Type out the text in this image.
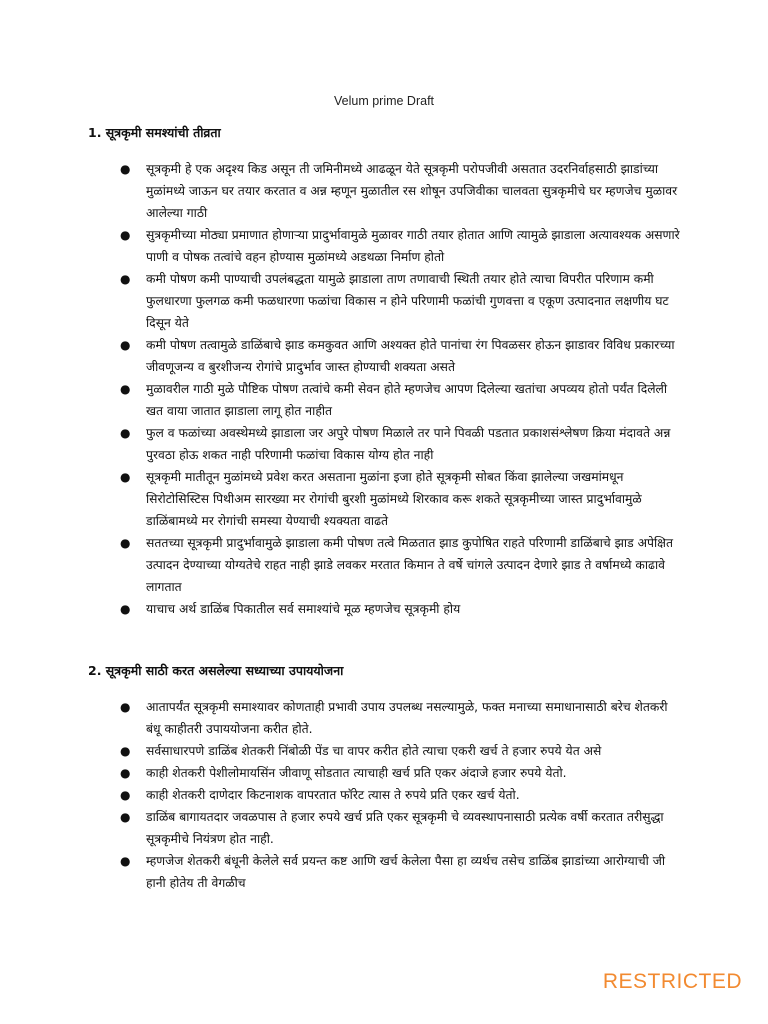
Velum prime Draft
1. सूत्रकृमी समश्यांची तीव्रता
● सूत्रकृमी हे एक अदृश्य किड असून ती जमिनीमध्ये आढळून येते सूत्रकृमी परोपजीवी असतात उदरनिर्वाहसाठी झाडांच्या मुळांमध्ये जाऊन घर तयार करतात व अन्न म्हणून मुळातील रस शोषून उपजिवीका चालवता सुत्रकृमीचे घर म्हणजेच मुळावर आलेल्या गाठी
● सुत्रकृमीच्या मोठ्या प्रमाणात होणाऱ्या प्रादुर्भावामुळे मुळावर गाठी तयार होतात आणि त्यामुळे झाडाला अत्यावश्यक असणारे पाणी व पोषक तत्वांचे वहन होण्यास मुळांमध्ये अडथळा निर्माण होतो
● कमी पोषण कमी पाण्याची उपलंबद्धता यामुळे झाडाला ताण तणावाची स्थिती तयार होते त्याचा विपरीत परिणाम कमी फुलधारणा फुलगळ कमी फळधारणा फळांचा विकास न होने परिणामी फळांची गुणवत्ता व एकूण उत्पादनात लक्षणीय घट दिसून येते
● कमी पोषण तत्वामुळे डाळिंबाचे झाड कमकुवत आणि अश्यक्त होते पानांचा रंग पिवळसर होऊन झाडावर विविध प्रकारच्या जीवणूजन्य व बुरशीजन्य रोगांचे प्रादुर्भाव जास्त होण्याची शक्यता असते
● मुळावरील गाठी मुळे पौष्टिक पोषण तत्वांचे कमी सेवन होते म्हणजेच आपण दिलेल्या खतांचा अपव्यय होतो पर्यंत दिलेली खत वाया जातात झाडाला लागू होत नाहीत
● फुल व फळांच्या अवस्थेमध्ये झाडाला जर अपुरे पोषण मिळाले तर पाने पिवळी पडतात प्रकाशसंश्लेषण क्रिया मंदावते अन्न पुरवठा होऊ शकत नाही परिणामी फळांचा विकास योग्य होत नाही
● सूत्रकृमी मातीतून मुळांमध्ये प्रवेश करत असताना मुळांना इजा होते सूत्रकृमी सोबत किंवा झालेल्या जखमांमधून सिरोटोसिस्टिस पिथीअम सारख्या मर रोगांची बुरशी मुळांमध्ये शिरकाव करू शकते सूत्रकृमीच्या जास्त प्रादुर्भावामुळे डाळिंबामध्ये मर रोगांची समस्या येण्याची श्यक्यता वाढते
● सततच्या सूत्रकृमी प्रादुर्भावामुळे झाडाला कमी पोषण तत्वे मिळतात झाड कुपोषित राहते परिणामी डाळिंबाचे झाड अपेक्षित उत्पादन देण्याच्या योग्यतेचे राहत नाही झाडे लवकर मरतात किमान ते वर्षे चांगले उत्पादन देणारे झाड ते वर्षामध्ये काढावे लागतात
● याचाच अर्थ डाळिंब पिकातील सर्व समाश्यांचे मूळ म्हणजेच सूत्रकृमी होय
2. सूत्रकृमी साठी करत असलेल्या सध्याच्या उपाययोजना
● आतापर्यंत सूत्रकृमी समाश्यावर कोणताही प्रभावी उपाय उपलब्ध नसल्यामुळे, फक्त मनाच्या समाधानासाठी बरेच शेतकरी बंधू काहीतरी उपाययोजना करीत होते.
● सर्वसाधारपणे डाळिंब शेतकरी निंबोळी पेंड चा वापर करीत होते त्याचा एकरी खर्च ते हजार रुपये येत असे
● काही शेतकरी पेशीलोमायसिंन जीवाणू सोडतात त्याचाही खर्च प्रति एकर अंदाजे हजार रुपये येतो.
● काही शेतकरी दाणेदार किटनाशक वापरतात फॉरेट त्यास ते रुपये प्रति एकर खर्च येतो.
● डाळिंब बागायतदार जवळपास ते हजार रुपये खर्च प्रति एकर सूत्रकृमी चे व्यवस्थापनासाठी प्रत्येक वर्षी करतात तरीसुद्धा सूत्रकृमीचे नियंत्रण होत नाही.
● म्हणजेज शेतकरी बंधूनी केलेले सर्व प्रयन्त कष्ट आणि खर्च केलेला पैसा हा व्यर्थच तसेच डाळिंब झाडांच्या आरोग्याची जी हानी होतेय ती वेगळीच
RESTRICTED
